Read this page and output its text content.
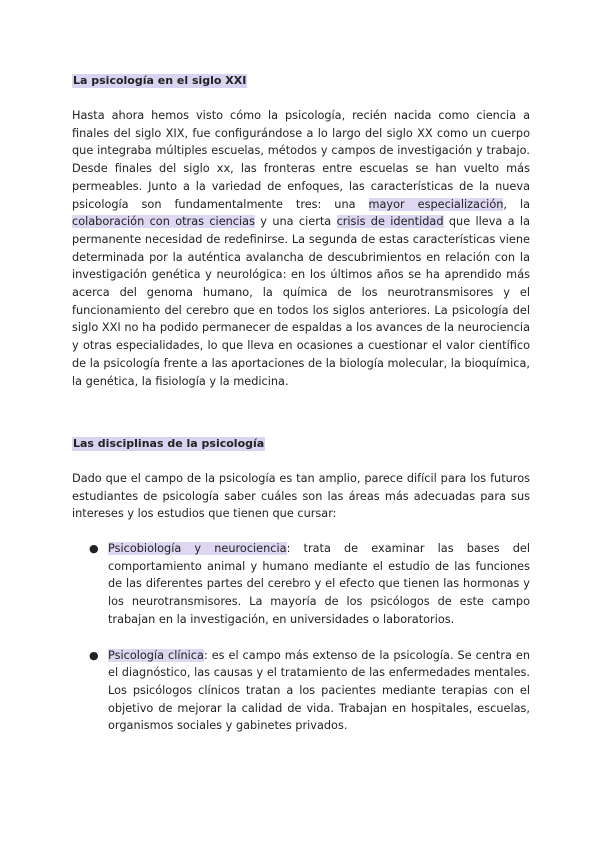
La psicología en el siglo XXI

Hasta ahora hemos visto cómo la psicología, recién nacida como ciencia a finales del siglo XIX, fue configurándose a lo largo del siglo XX como un cuerpo que integraba múltiples escuelas, métodos y campos de investigación y trabajo. Desde finales del siglo xx, las fronteras entre escuelas se han vuelto más permeables. Junto a la variedad de enfoques, las características de la nueva psicología son fundamentalmente tres: una mayor especialización, la colaboración con otras ciencias y una cierta crisis de identidad que lleva a la permanente necesidad de redefinirse. La segunda de estas características viene determinada por la auténtica avalancha de descubrimientos en relación con la investigación genética y neurológica: en los últimos años se ha aprendido más acerca del genoma humano, la química de los neurotransmisores y el funcionamiento del cerebro que en todos los siglos anteriores. La psicología del siglo XXI no ha podido permanecer de espaldas a los avances de la neurociencia y otras especialidades, lo que lleva en ocasiones a cuestionar el valor científico de la psicología frente a las aportaciones de la biología molecular, la bioquímica, la genética, la fisiología y la medicina.

Las disciplinas de la psicología

Dado que el campo de la psicología es tan amplio, parece difícil para los futuros estudiantes de psicología saber cuáles son las áreas más adecuadas para sus intereses y los estudios que tienen que cursar:

● Psicobiología y neurociencia: trata de examinar las bases del comportamiento animal y humano mediante el estudio de las funciones de las diferentes partes del cerebro y el efecto que tienen las hormonas y los neurotransmisores. La mayoría de los psicólogos de este campo trabajan en la investigación, en universidades o laboratorios.
● Psicología clínica: es el campo más extenso de la psicología. Se centra en el diagnóstico, las causas y el tratamiento de las enfermedades mentales. Los psicólogos clínicos tratan a los pacientes mediante terapias con el objetivo de mejorar la calidad de vida. Trabajan en hospitales, escuelas, organismos sociales y gabinetes privados.
